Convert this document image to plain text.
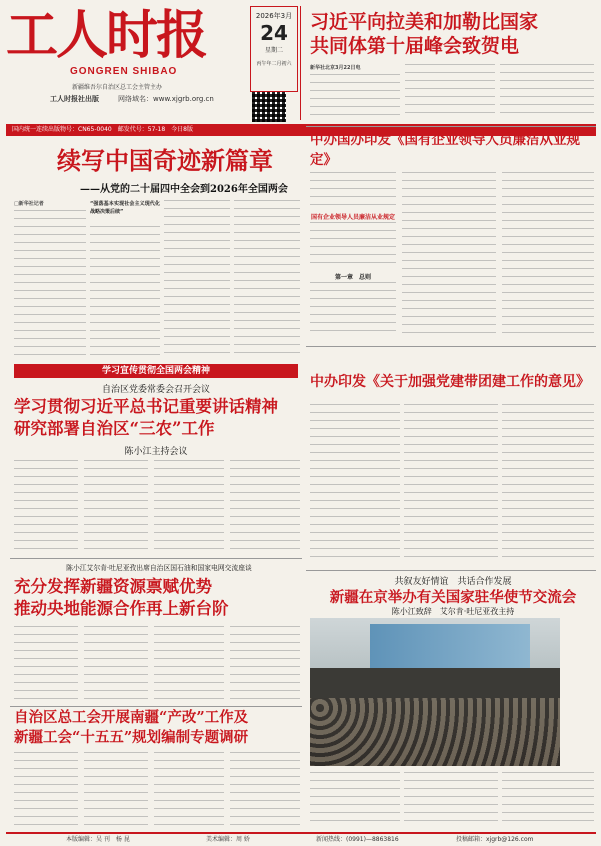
工人时报
GONGREN SHIBAO
新疆维吾尔自治区总工会主管主办
工人时报社出版	网络域名：www.xjgrb.org.cn
2026年3月
24
星期二
丙午年二月初六
国内统一连续出版物号：CN65-0040　邮发代号：57-18　今日8版
习近平向拉美和加勒比国家
共同体第十届峰会致贺电
新华社北京3月22日电
续写中国奇迹新篇章
——从党的二十届四中全会到2026年全国两会
□新华社记者	“强落基本实现社会主义现代化战略决策后续”
中办国办印发《国有企业领导人员廉洁从业规定》
国有企业领导人员廉洁从业规定
第一章　总则
学习宣传贯彻全国两会精神
自治区党委常委会召开会议
学习贯彻习近平总书记重要讲话精神
研究部署自治区“三农”工作
陈小江主持会议
中办印发《关于加强党建带团建工作的意见》
陈小江艾尔肯·吐尼亚孜出席自治区国石油和国家电网交流座谈
充分发挥新疆资源禀赋优势
推动央地能源合作再上新台阶
共叙友好情谊　共话合作发展
新疆在京举办有关国家驻华使节交流会
陈小江致辞　艾尔肯·吐尼亚孜主持
自治区总工会开展南疆“产改”工作及
新疆工会“十五五”规划编制专题调研
本版编辑：吴 刊　杨 昆	美术编辑：周 娇	新闻热线：(0991)—8863816	投稿邮箱：xjgrb@126.com
